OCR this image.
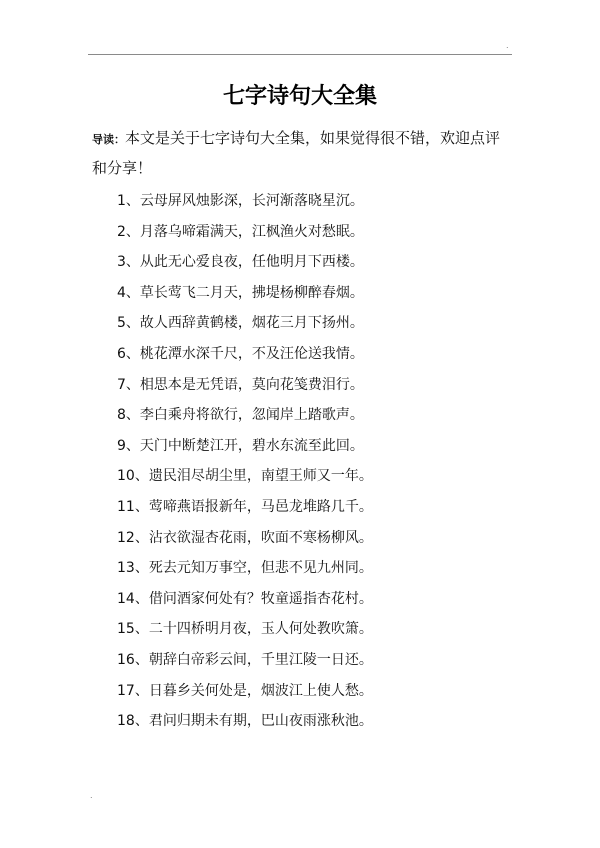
.
七字诗句大全集

导读：本文是关于七字诗句大全集，如果觉得很不错，欢迎点评和分享！

1、云母屏风烛影深，长河渐落晓星沉。
2、月落乌啼霜满天，江枫渔火对愁眠。
3、从此无心爱良夜，任他明月下西楼。
4、草长莺飞二月天，拂堤杨柳醉春烟。
5、故人西辞黄鹤楼，烟花三月下扬州。
6、桃花潭水深千尺，不及汪伦送我情。
7、相思本是无凭语，莫向花笺费泪行。
8、李白乘舟将欲行，忽闻岸上踏歌声。
9、天门中断楚江开，碧水东流至此回。
10、遗民泪尽胡尘里，南望王师又一年。
11、莺啼燕语报新年，马邑龙堆路几千。
12、沾衣欲湿杏花雨，吹面不寒杨柳风。
13、死去元知万事空，但悲不见九州同。
14、借问酒家何处有？牧童遥指杏花村。
15、二十四桥明月夜，玉人何处教吹箫。
16、朝辞白帝彩云间，千里江陵一日还。
17、日暮乡关何处是，烟波江上使人愁。
18、君问归期未有期，巴山夜雨涨秋池。
.
